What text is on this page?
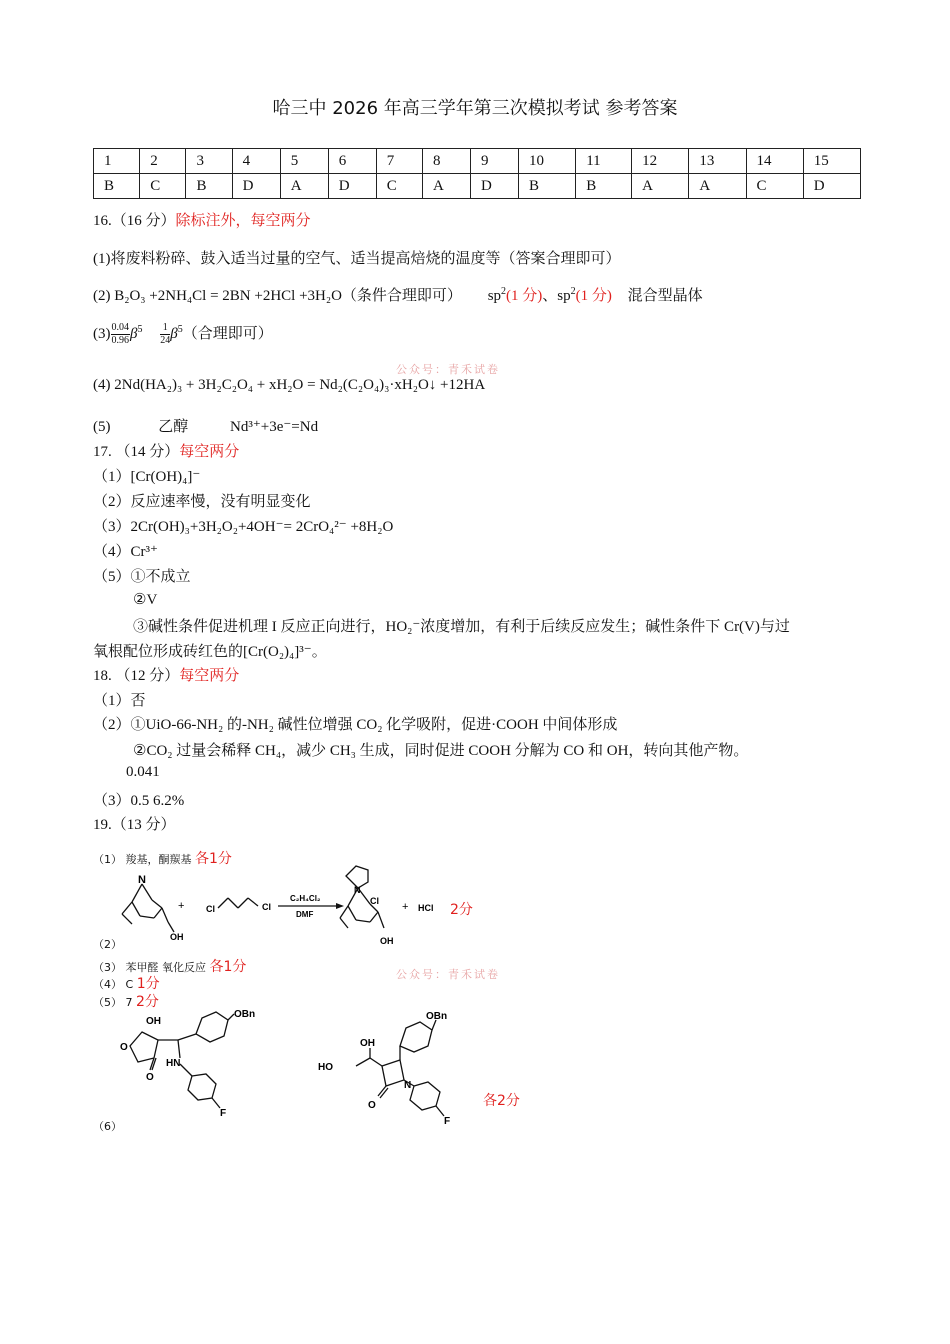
哈三中 2026 年高三学年第三次模拟考试 参考答案
1	2	3	4	5	6	7	8	9	10	11	12	13	14	15
B	C	B	D	A	D	C	A	D	B	B	A	A	C	D
16.（16 分）除标注外，每空两分
(1)将废料粉碎、鼓入适当过量的空气、适当提高焙烧的温度等（答案合理即可）
(2) B₂O₃ +2NH₄Cl = 2BN +2HCl +3H₂O（条件合理即可） $sp^2(1$ 分)、$sp^2(1$ 分) 混合型晶体
$(3) \frac{0.04}{0.96} \beta^5 \frac{1}{24} \beta^5$（合理即可）
公众号：青禾试卷
(4) 2Nd(HA₂)₃ + 3H₂C₂O₄ + xH₂O = Nd₂(C₂O₄)₃·xH₂O↓ +12HA
(5)	乙醇	Nd³⁺+3e⁻=Nd
17. （14 分）每空两分
（1）[Cr(OH)₄]⁻
（2）反应速率慢，没有明显变化
（3）2Cr(OH)₃+3H₂O₂+4OH⁻= 2CrO₄²⁻ +8H₂O
（4）Cr³⁺
（5）①不成立
②V
③碱性条件促进机理 I 反应正向进行，HO₂⁻浓度增加，有利于后续反应发生；碱性条件下 Cr(V)与过
氧根配位形成砖红色的[Cr(O₂)₄]³⁻。
18. （12 分）每空两分
（1）否
（2）①UiO-66-NH₂ 的-NH₂ 碱性位增强 CO₂ 化学吸附，促进·COOH 中间体形成
②CO₂ 过量会稀释 CH₄，减少 CH₃ 生成，同时促进 COOH 分解为 CO 和 OH，转向其他产物。
0.041
（3）0.5 6.2%
19.（13 分）
（1） 羧基，酮羰基 各1分
N
OH
+ Cl	Cl
C₂H₄Cl₂
DMF
N
Cl
OH
+ HCl 2分
（2）
（3） 苯甲醛 氧化反应 各1分	公众号：青禾试卷
（4） C 1分
（5） 7 2分
OH
O
O
OBn
HN
F
OBn
OH
HO
O
N
F
各2分
（6）
